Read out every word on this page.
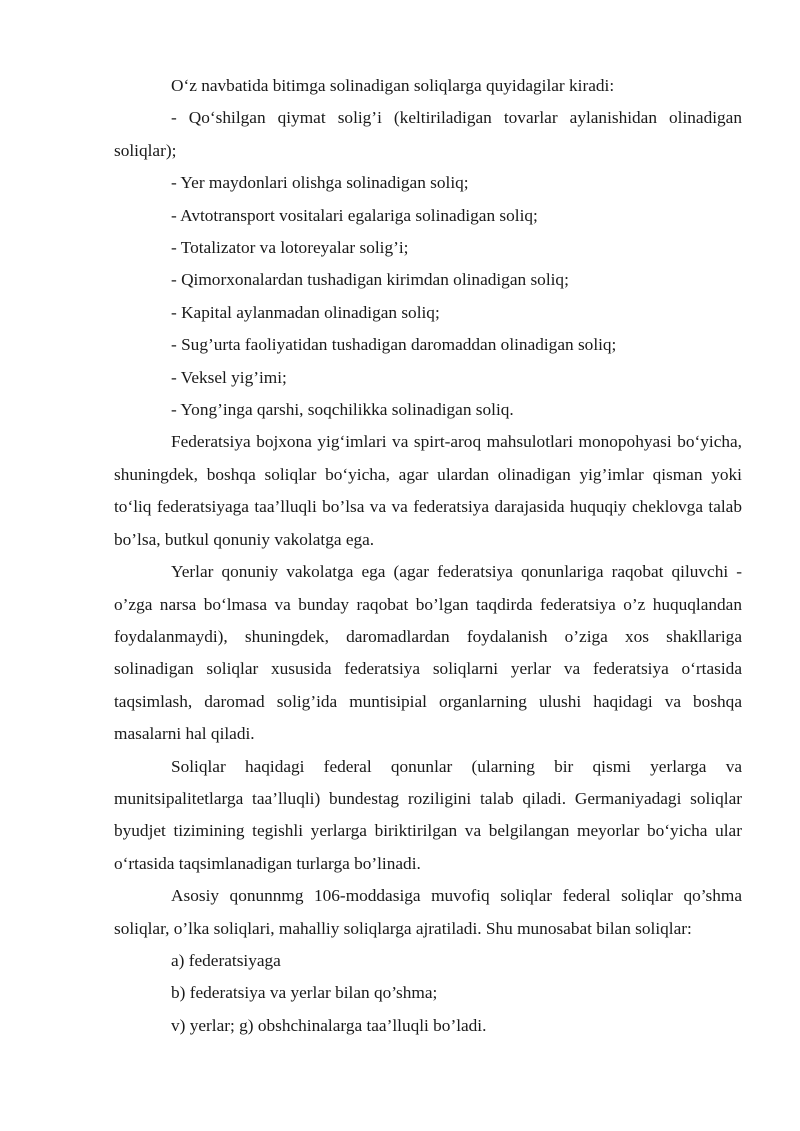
O‘z navbatida bitimga solinadigan soliqlarga quyidagilar kiradi:

- Qo‘shilgan qiymat solig’i (keltiriladigan tovarlar aylanishidan olinadigan soliqlar);

- Yer maydonlari olishga solinadigan soliq;

- Avtotransport vositalari egalariga solinadigan soliq;

- Totalizator va lotoreyalar solig’i;

- Qimorxonalardan tushadigan kirimdan olinadigan soliq;

- Kapital aylanmadan olinadigan soliq;

- Sug’urta faoliyatidan tushadigan daromaddan olinadigan soliq;

- Veksel yig’imi;

- Yong’inga qarshi, soqchilikka solinadigan soliq.

Federatsiya bojxona yig‘imlari va spirt-aroq mahsulotlari monopohyasi bo‘yicha, shuningdek, boshqa soliqlar bo‘yicha, agar ulardan olinadigan yig’imlar qisman yoki to‘liq federatsiyaga taa’lluqli bo’lsa va va federatsiya darajasida huquqiy cheklovga talab bo’lsa, butkul qonuniy vakolatga ega.

Yerlar qonuniy vakolatga ega (agar federatsiya qonunlariga raqobat qiluvchi - o’zga narsa bo‘lmasa va bunday raqobat bo’lgan taqdirda federatsiya o’z huquqlandan foydalanmaydi), shuningdek, daromadlardan foydalanish o’ziga xos shakllariga solinadigan soliqlar xususida federatsiya soliqlarni yerlar va federatsiya o‘rtasida taqsimlash, daromad solig’ida muntisipial organlarning ulushi haqidagi va boshqa masalarni hal qiladi.

Soliqlar haqidagi federal qonunlar (ularning bir qismi yerlarga va munitsipalitetlarga taa’lluqli) bundestag roziligini talab qiladi. Germaniyadagi soliqlar byudjet tizimining tegishli yerlarga biriktirilgan va belgilangan meyorlar bo‘yicha ular o‘rtasida taqsimlanadigan turlarga bo’linadi.

Asosiy qonunnmg 106-moddasiga muvofiq soliqlar federal soliqlar qo’shma soliqlar, o’lka soliqlari, mahalliy soliqlarga ajratiladi. Shu munosabat bilan soliqlar:

a) federatsiyaga

b) federatsiya va yerlar bilan qo’shma;

v) yerlar; g) obshchinalarga taa’lluqli bo’ladi.
